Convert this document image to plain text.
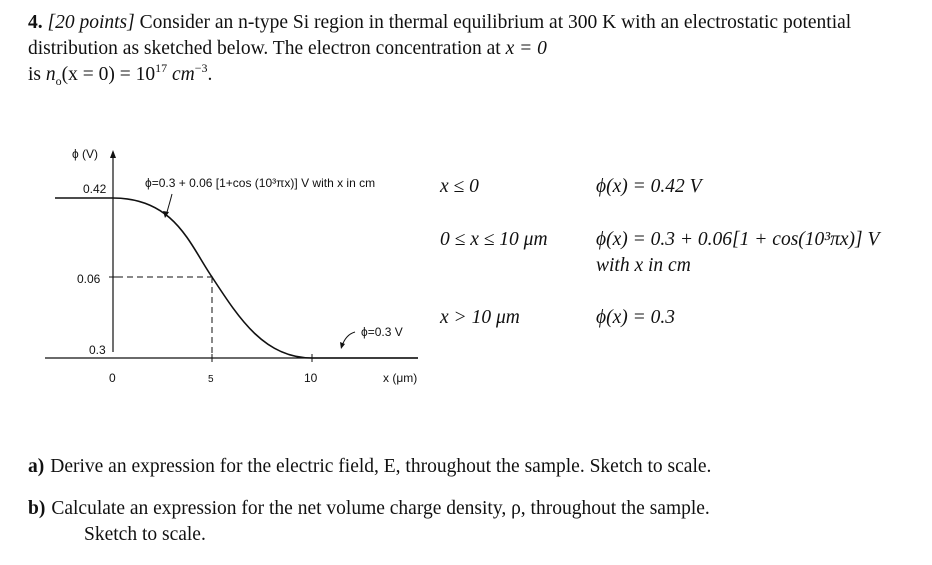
4. [20 points] Consider an n-type Si region in thermal equilibrium at 300 K with an electrostatic potential distribution as sketched below. The electron concentration at x = 0
is $n_o(x = 0) = 10^{17}$ $cm^{-3}$.
ϕ (V)
0.42
0.06
0.3
0	5	10	x (μm)
ϕ=0.3 + 0.06 [1+cos (10³πx)] V with x in cm
ϕ=0.3 V
x ≤ 0	ϕ(x) = 0.42 V
0 ≤ x ≤ 10 μm ϕ(x) = 0.3 + 0.06[1 + cos(10³πx)] V
with x in cm
x > 10 μm	ϕ(x) = 0.3
a) Derive an expression for the electric field, E, throughout the sample. Sketch to scale.
b) Calculate an expression for the net volume charge density, ρ, throughout the sample.
Sketch to scale.
